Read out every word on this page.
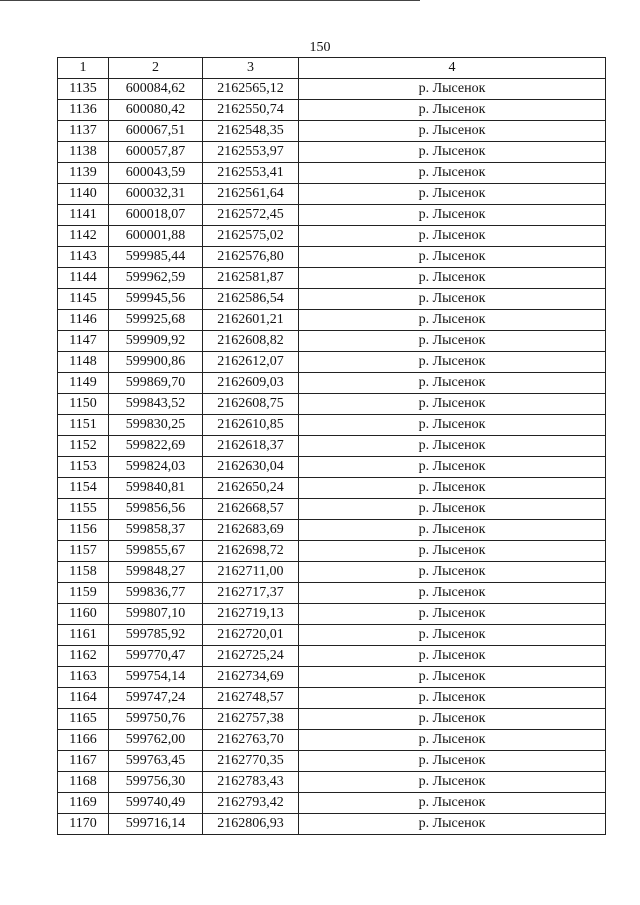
150
1	2	3	4
1135	600084,62	2162565,12	р. Лысенок
1136	600080,42	2162550,74	р. Лысенок
1137	600067,51	2162548,35	р. Лысенок
1138	600057,87	2162553,97	р. Лысенок
1139	600043,59	2162553,41	р. Лысенок
1140	600032,31	2162561,64	р. Лысенок
1141	600018,07	2162572,45	р. Лысенок
1142	600001,88	2162575,02	р. Лысенок
1143	599985,44	2162576,80	р. Лысенок
1144	599962,59	2162581,87	р. Лысенок
1145	599945,56	2162586,54	р. Лысенок
1146	599925,68	2162601,21	р. Лысенок
1147	599909,92	2162608,82	р. Лысенок
1148	599900,86	2162612,07	р. Лысенок
1149	599869,70	2162609,03	р. Лысенок
1150	599843,52	2162608,75	р. Лысенок
1151	599830,25	2162610,85	р. Лысенок
1152	599822,69	2162618,37	р. Лысенок
1153	599824,03	2162630,04	р. Лысенок
1154	599840,81	2162650,24	р. Лысенок
1155	599856,56	2162668,57	р. Лысенок
1156	599858,37	2162683,69	р. Лысенок
1157	599855,67	2162698,72	р. Лысенок
1158	599848,27	2162711,00	р. Лысенок
1159	599836,77	2162717,37	р. Лысенок
1160	599807,10	2162719,13	р. Лысенок
1161	599785,92	2162720,01	р. Лысенок
1162	599770,47	2162725,24	р. Лысенок
1163	599754,14	2162734,69	р. Лысенок
1164	599747,24	2162748,57	р. Лысенок
1165	599750,76	2162757,38	р. Лысенок
1166	599762,00	2162763,70	р. Лысенок
1167	599763,45	2162770,35	р. Лысенок
1168	599756,30	2162783,43	р. Лысенок
1169	599740,49	2162793,42	р. Лысенок
1170	599716,14	2162806,93	р. Лысенок
